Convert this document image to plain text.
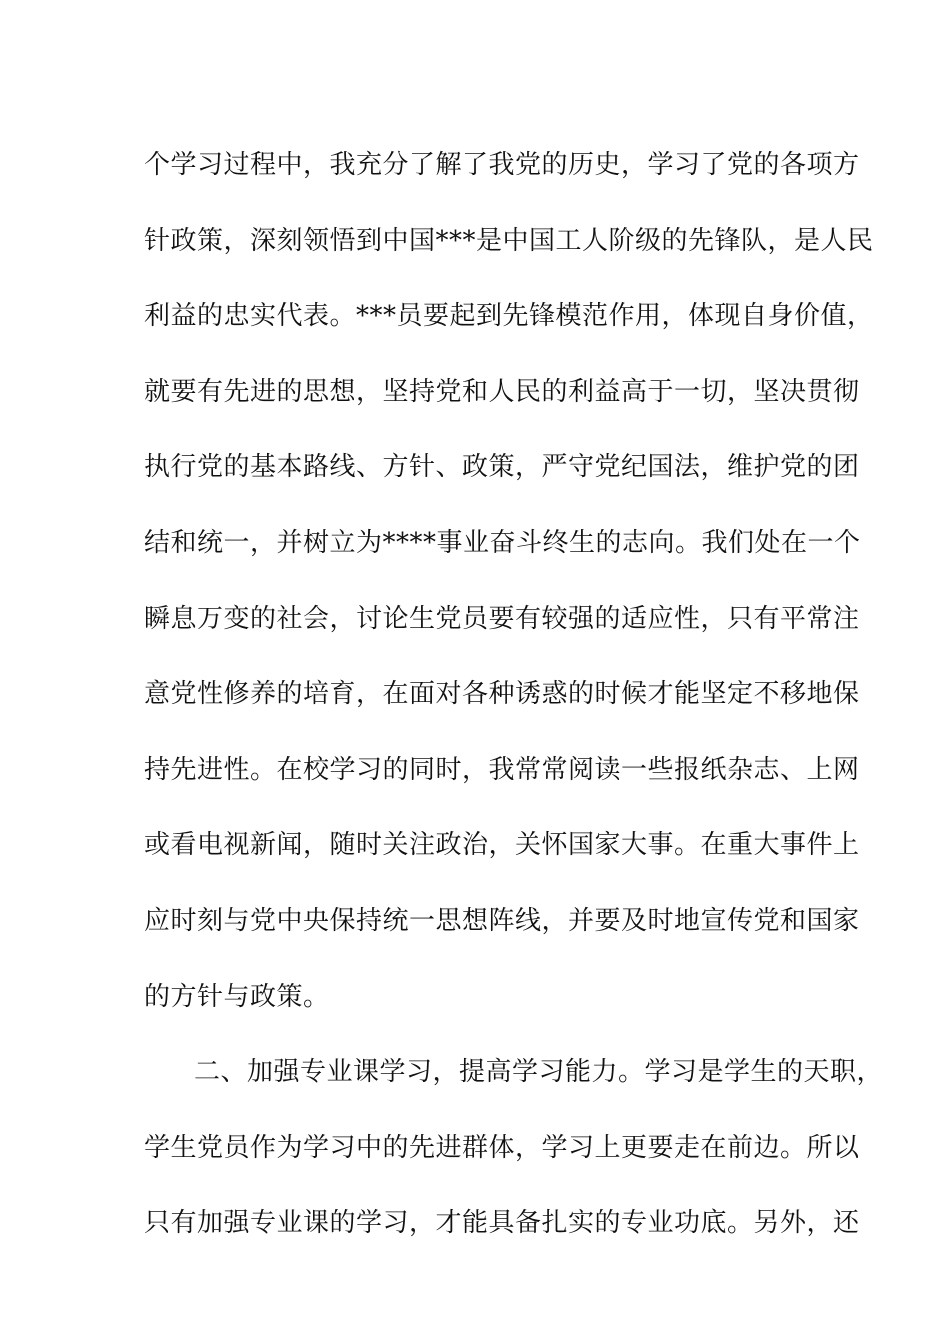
个学习过程中，我充分了解了我党的历史，学习了党的各项方
针政策，深刻领悟到中国***是中国工人阶级的先锋队，是人民
利益的忠实代表。***员要起到先锋模范作用，体现自身价值，
就要有先进的思想，坚持党和人民的利益高于一切，坚决贯彻
执行党的基本路线、方针、政策，严守党纪国法，维护党的团
结和统一，并树立为****事业奋斗终生的志向。我们处在一个
瞬息万变的社会，讨论生党员要有较强的适应性，只有平常注
意党性修养的培育，在面对各种诱惑的时候才能坚定不移地保
持先进性。在校学习的同时，我常常阅读一些报纸杂志、上网
或看电视新闻，随时关注政治，关怀国家大事。在重大事件上
应时刻与党中央保持统一思想阵线，并要及时地宣传党和国家
的方针与政策。
二、加强专业课学习，提高学习能力。学习是学生的天职，
学生党员作为学习中的先进群体，学习上更要走在前边。所以
只有加强专业课的学习，才能具备扎实的专业功底。另外，还
